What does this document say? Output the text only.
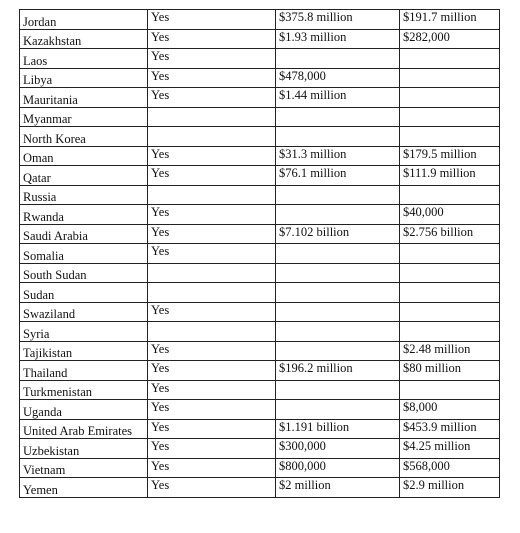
Jordan	Yes	$375.8 million	$191.7 million
Kazakhstan	Yes	$1.93 million	$282,000
Laos	Yes		
Libya	Yes	$478,000	
Mauritania	Yes	$1.44 million	
Myanmar			
North Korea			
Oman	Yes	$31.3 million	$179.5 million
Qatar	Yes	$76.1 million	$111.9 million
Russia			
Rwanda	Yes		$40,000
Saudi Arabia	Yes	$7.102 billion	$2.756 billion
Somalia	Yes		
South Sudan			
Sudan			
Swaziland	Yes		
Syria			
Tajikistan	Yes		$2.48 million
Thailand	Yes	$196.2 million	$80 million
Turkmenistan	Yes		
Uganda	Yes		$8,000
United Arab Emirates	Yes	$1.191 billion	$453.9 million
Uzbekistan	Yes	$300,000	$4.25 million
Vietnam	Yes	$800,000	$568,000
Yemen	Yes	$2 million	$2.9 million
